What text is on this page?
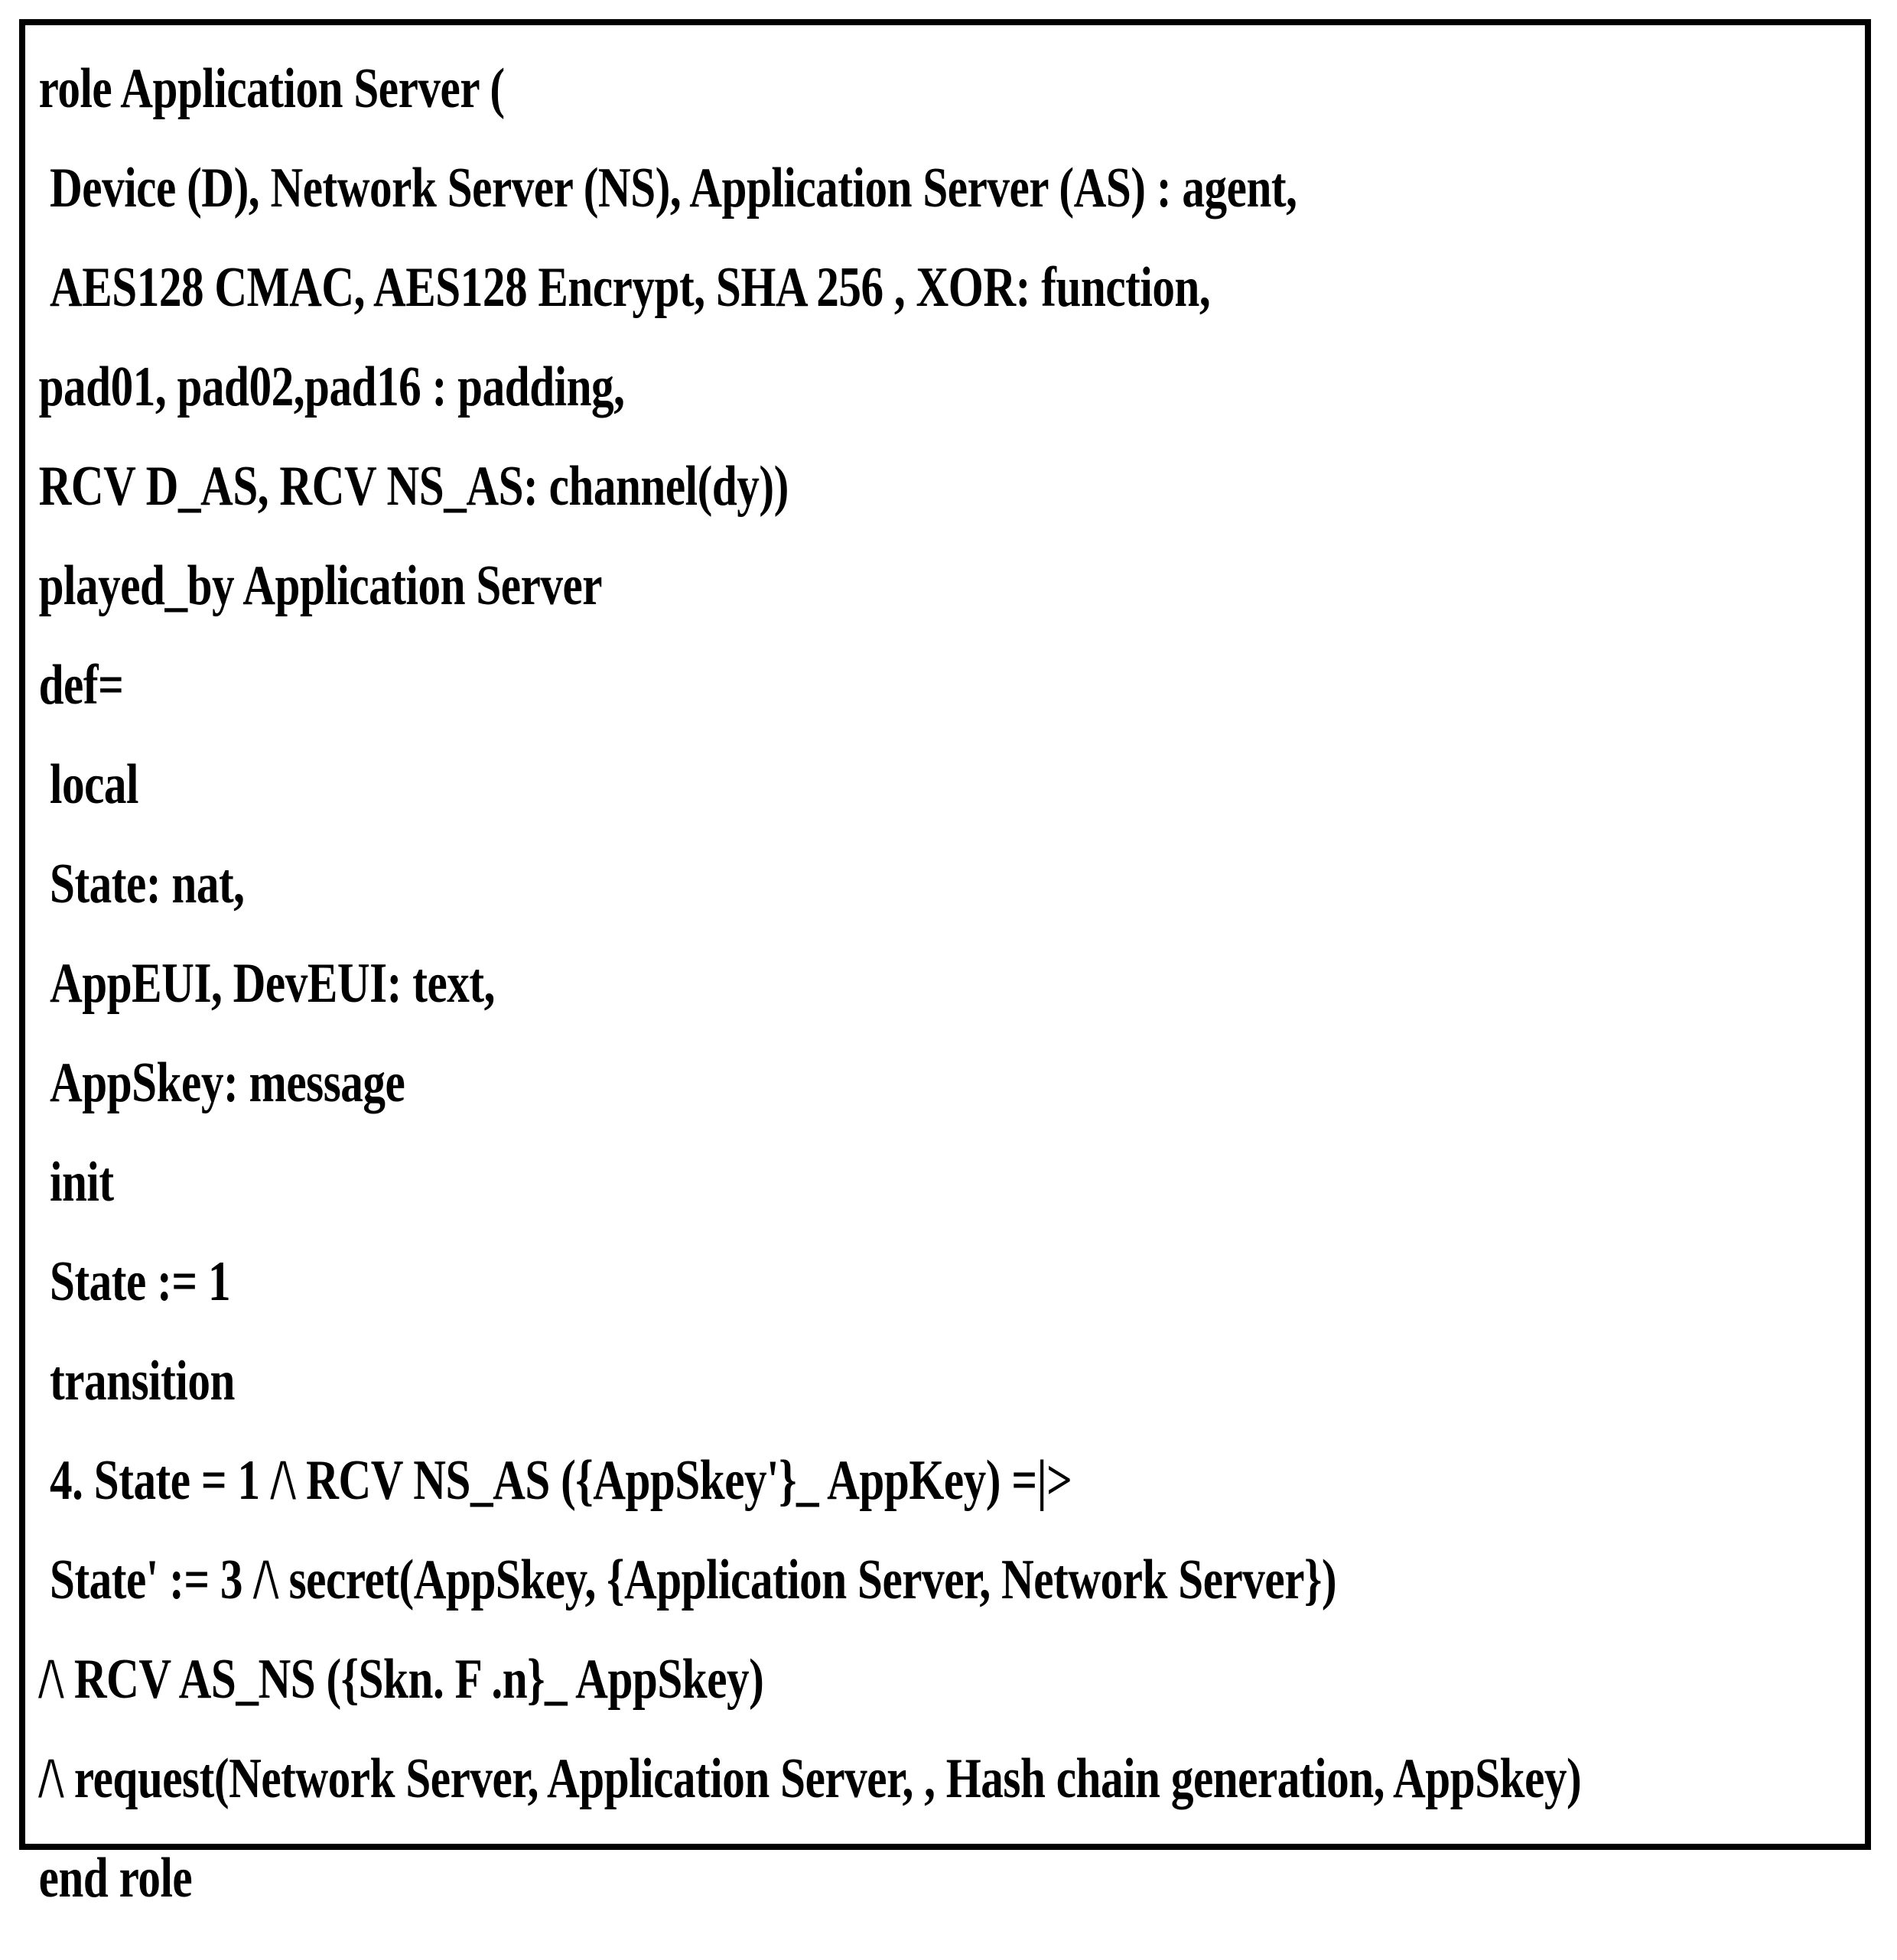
role Application Server (
Device (D), Network Server (NS), Application Server (AS) : agent,
AES128 CMAC, AES128 Encrypt, SHA 256 , XOR: function,
pad01, pad02,pad16 : padding,
RCV D_AS, RCV NS_AS: channel(dy))
played_by Application Server
def=
local
State: nat,
AppEUI, DevEUI: text,
AppSkey: message
init
State := 1
transition
4. State = 1 /\ RCV NS_AS ({AppSkey'}_ AppKey) =|>
State' := 3 /\ secret(AppSkey, {Application Server, Network Server})
/\ RCV AS_NS ({Skn. F .n}_ AppSkey)
/\ request(Network Server, Application Server, , Hash chain generation, AppSkey)
end role
